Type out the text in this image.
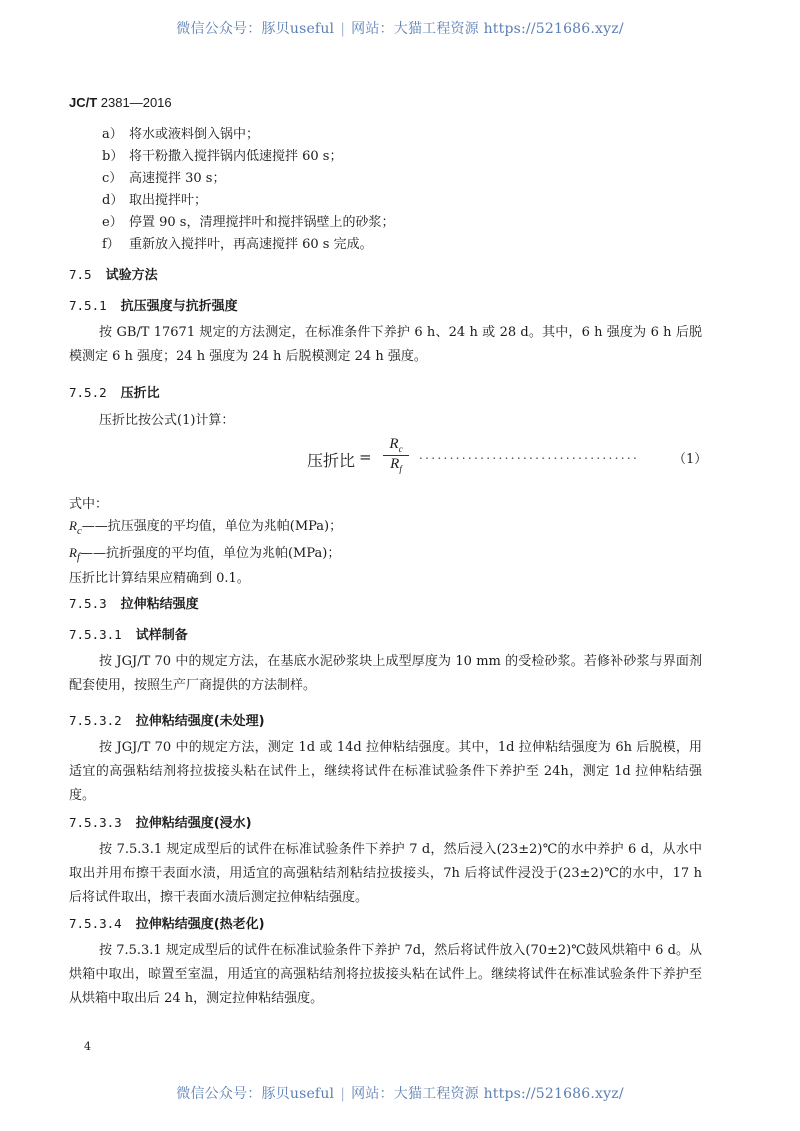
微信公众号：豚贝useful | 网站：大猫工程资源 https://521686.xyz/
JC/T 2381—2016
a） 将水或液料倒入锅中；
b） 将干粉撒入搅拌锅内低速搅拌 60 s；
c） 高速搅拌 30 s；
d） 取出搅拌叶；
e） 停置 90 s，清理搅拌叶和搅拌锅壁上的砂浆；
f） 重新放入搅拌叶，再高速搅拌 60 s 完成。
7.5 试验方法
7.5.1 抗压强度与抗折强度
按 GB/T 17671 规定的方法测定，在标准条件下养护 6 h、24 h 或 28 d。其中，6 h 强度为 6 h 后脱模测定 6 h 强度；24 h 强度为 24 h 后脱模测定 24 h 强度。
7.5.2 压折比
压折比按公式(1)计算：
压折比 = $\frac{R_c}{R_f}$ ....................................	（1）
式中：
$R_c——$抗压强度的平均值，单位为兆帕(MPa)；
$R_f——$抗折强度的平均值，单位为兆帕(MPa)；
压折比计算结果应精确到 0.1。
7.5.3 拉伸粘结强度
7.5.3.1 试样制备
按 JGJ/T 70 中的规定方法，在基底水泥砂浆块上成型厚度为 10 mm 的受检砂浆。若修补砂浆与界面剂配套使用，按照生产厂商提供的方法制样。
7.5.3.2 拉伸粘结强度(未处理)
按 JGJ/T 70 中的规定方法，测定 1d 或 14d 拉伸粘结强度。其中，1d 拉伸粘结强度为 6h 后脱模，用适宜的高强粘结剂将拉拔接头粘在试件上，继续将试件在标准试验条件下养护至 24h，测定 1d 拉伸粘结强度。
7.5.3.3 拉伸粘结强度(浸水)
按 7.5.3.1 规定成型后的试件在标准试验条件下养护 7 d，然后浸入(23±2)℃的水中养护 6 d，从水中取出并用布擦干表面水渍，用适宜的高强粘结剂粘结拉拔接头，7h 后将试件浸没于(23±2)℃的水中，17 h 后将试件取出，擦干表面水渍后测定拉伸粘结强度。
7.5.3.4 拉伸粘结强度(热老化)
按 7.5.3.1 规定成型后的试件在标准试验条件下养护 7d，然后将试件放入(70±2)℃鼓风烘箱中 6 d。从烘箱中取出，晾置至室温，用适宜的高强粘结剂将拉拔接头粘在试件上。继续将试件在标准试验条件下养护至从烘箱中取出后 24 h，测定拉伸粘结强度。
4
微信公众号：豚贝useful | 网站：大猫工程资源 https://521686.xyz/
